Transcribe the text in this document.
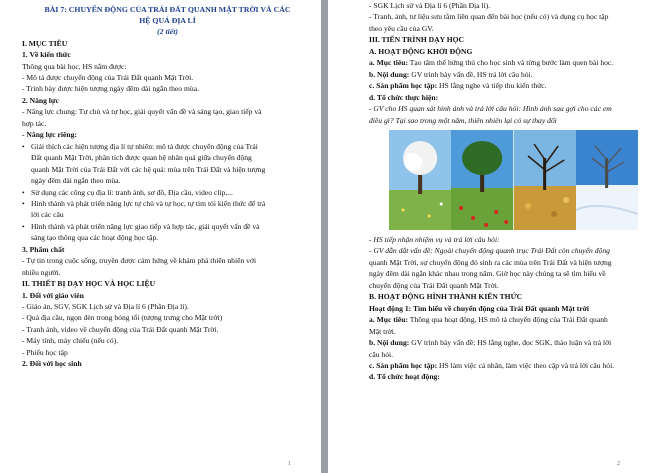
BÀI 7: CHUYỂN ĐỘNG CỦA TRÁI ĐẤT QUANH MẶT TRỜI VÀ CÁC
HỆ QUẢ ĐỊA LÍ
(2 tiết)
I. MỤC TIÊU
1. Về kiến thức
Thông qua bài học, HS nắm được:
- Mô tả được chuyển động của Trái Đất quanh Mặt Trời.
- Trình bày được hiện tượng ngày đêm dài ngắn theo mùa.
2. Năng lực
- Năng lực chung: Tự chủ và tự học, giải quyết vấn đề và sáng tạo, giao tiếp và
hợp tác.
- Năng lực riêng:
• Giải thích các hiện tượng địa lí tự nhiên: mô tả được chuyển động của Trái
Đất quanh Mặt Trời, phân tích được quan hệ nhân quả giữa chuyển động
quanh Mặt Trời của Trái Đất với các hệ quả: mùa trên Trái Đất và hiện tượng
ngày đêm dài ngắn theo mùa.
• Sử dụng các công cụ địa lí: tranh ảnh, sơ đồ, Địa cầu, video clip,...
• Hình thành và phát triển năng lực tự chủ và tự học, tự tìm tòi kiến thức để trả
lời các câu
• Hình thành và phát triển năng lực giao tiếp và hợp tác, giải quyết vấn đề và
sáng tạo thông qua các hoạt động học tập.
3. Phẩm chất
- Tự tin trong cuộc sống, truyền được cảm hứng về khám phá thiên nhiên với
nhiều người.
II. THIẾT BỊ DẠY HỌC VÀ HỌC LIỆU
1. Đối với giáo viên
- Giáo án, SGV, SGK Lịch sử và Địa lí 6 (Phần Địa lí).
- Quả địa cầu, ngọn đèn trong bóng tối (tượng trưng cho Mặt trời)
- Tranh ảnh, video về chuyển động của Trái Đất quanh Mặt Trời.
- Máy tính, máy chiếu (nếu có).
- Phiếu học tập
2. Đối với học sinh
1
- SGK Lịch sử và Địa lí 6 (Phần Địa lí).
- Tranh, ảnh, tư liệu sưu tầm liên quan đến bài học (nếu có) và dụng cụ học tập
theo yêu cầu của GV.
III. TIẾN TRÌNH DẠY HỌC
A. HOẠT ĐỘNG KHỞI ĐỘNG
a. Mục tiêu: Tạo tâm thế hứng thú cho học sinh và từng bước làm quen bài học.
b. Nội dung: GV trình bày vấn đề, HS trả lời câu hỏi.
c. Sản phẩm học tập: HS lắng nghe và tiếp thu kiến thức.
d. Tổ chức thực hiện:
- GV cho HS quan sát hình ảnh và trả lời câu hỏi: Hình ảnh sau gợi cho các em
điều gì? Tại sao trong một năm, thiên nhiên lại có sự thay đổi
- HS tiếp nhận nhiệm vụ và trả lời câu hỏi:
- GV dẫn dắt vấn đề: Ngoài chuyển động quanh trục Trái Đất còn chuyển động
quanh Mặt Trời, sự chuyển động đó sinh ra các mùa trên Trái Đất và hiện tượng
ngày đêm dài ngắn khác nhau trong năm. Giờ học này chúng ta sẽ tìm hiểu về
chuyển động của Trái Đất quanh Mặt Trời.
B. HOẠT ĐỘNG HÌNH THÀNH KIẾN THỨC
Hoạt động 1: Tìm hiểu về chuyển động của Trái Đất quanh Mặt trời
a. Mục tiêu: Thông qua hoạt động, HS mô tả chuyển động của Trái Đất quanh
Mặt trời.
b. Nội dung: GV trình bày vấn đề; HS lắng nghe, đọc SGK, thảo luận và trả lời
câu hỏi.
c. Sản phẩm học tập: HS làm việc cá nhân, làm việc theo cặp và trả lời câu hỏi.
d. Tổ chức hoạt động:
2
